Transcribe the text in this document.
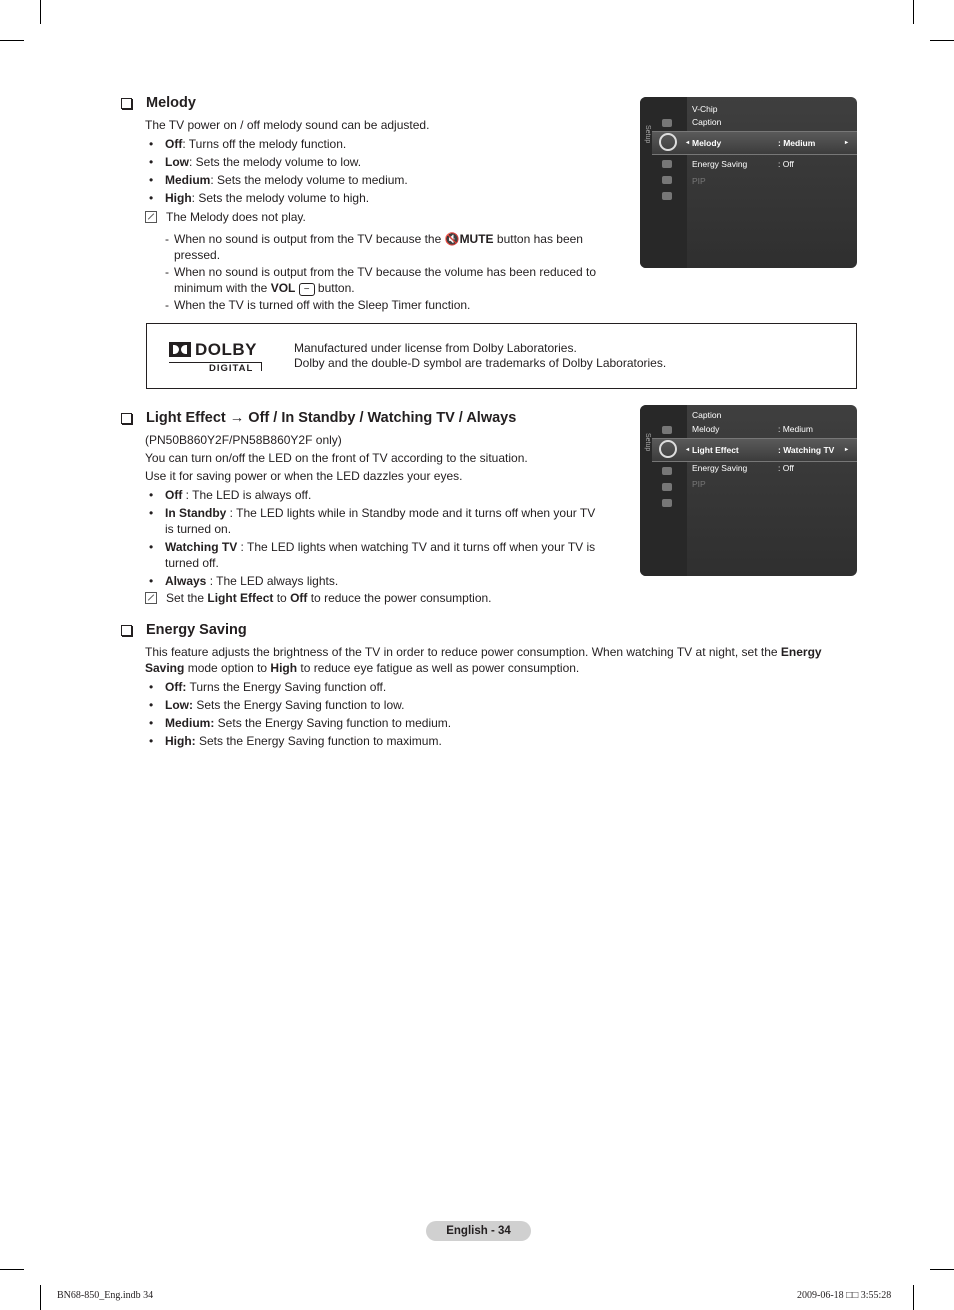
Melody
The TV power on / off melody sound can be adjusted.
• Off: Turns off the melody function.
• Low: Sets the melody volume to low.
• Medium: Sets the melody volume to medium.
• High: Sets the melody volume to high.
The Melody does not play.
- When no sound is output from the TV because the 🔇MUTE button has been pressed.
- When no sound is output from the TV because the volume has been reduced to minimum with the VOL − button.
- When the TV is turned off with the Sleep Timer function.
Setup
V-Chip
Caption
◂ Melody	: Medium	▸
Energy Saving	: Off
PIP
DOLBY
DIGITAL
Manufactured under license from Dolby Laboratories.
Dolby and the double-D symbol are trademarks of Dolby Laboratories.
Light Effect → Off / In Standby / Watching TV / Always
(PN50B860Y2F/PN58B860Y2F only)
You can turn on/off the LED on the front of TV according to the situation.
Use it for saving power or when the LED dazzles your eyes.
• Off : The LED is always off.
• In Standby : The LED lights while in Standby mode and it turns off when your TV is turned on.
• Watching TV : The LED lights when watching TV and it turns off when your TV is turned off.
• Always : The LED always lights.
Set the Light Effect to Off to reduce the power consumption.
Setup
Caption
Melody	: Medium
◂ Light Effect	: Watching TV ▸
Energy Saving	: Off
PIP
Energy Saving
This feature adjusts the brightness of the TV in order to reduce power consumption. When watching TV at night, set the Energy Saving mode option to High to reduce eye fatigue as well as power consumption.
• Off: Turns the Energy Saving function off.
• Low: Sets the Energy Saving function to low.
• Medium: Sets the Energy Saving function to medium.
• High: Sets the Energy Saving function to maximum.
English - 34
BN68-850_Eng.indb 34	2009-06-18 □□ 3:55:28
